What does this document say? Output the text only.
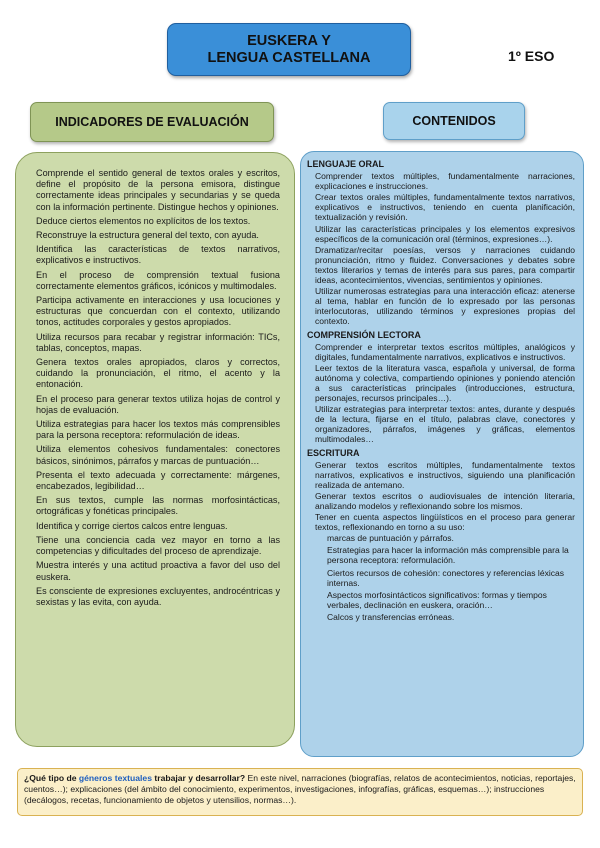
EUSKERA Y
LENGUA CASTELLANA	1º ESO
INDICADORES DE EVALUACIÓN	CONTENIDOS

Comprende el sentido general de textos orales y escritos, define el propósito de la persona emisora, distingue correctamente ideas principales y secundarias y se queda con la información pertinente. Distingue hechos y opiniones.

Deduce ciertos elementos no explícitos de los textos.

Reconstruye la estructura general del texto, con ayuda.

Identifica las características de textos narrativos, explicativos e instructivos.

En el proceso de comprensión textual fusiona correctamente elementos gráficos, icónicos y multimodales.

Participa activamente en interacciones y usa locuciones y estructuras que concuerdan con el contexto, utilizando tonos, actitudes corporales y gestos apropiados.

Utiliza recursos para recabar y registrar información: TICs, tablas, conceptos, mapas.

Genera textos orales apropiados, claros y correctos, cuidando la pronunciación, el ritmo, el acento y la entonación.

En el proceso para generar textos utiliza hojas de control y hojas de evaluación.

Utiliza estrategias para hacer los textos más comprensibles para la persona receptora: reformulación de ideas.

Utiliza elementos cohesivos fundamentales: conectores básicos, sinónimos, párrafos y marcas de puntuación…

Presenta el texto adecuada y correctamente: márgenes, encabezados, legibilidad…

En sus textos, cumple las normas morfosintácticas, ortográficas y fonéticas principales.

Identifica y corrige ciertos calcos entre lenguas.

Tiene una conciencia cada vez mayor en torno a las competencias y dificultades del proceso de aprendizaje.

Muestra interés y una actitud proactiva a favor del uso del euskera.

Es consciente de expresiones excluyentes, androcéntricas y sexistas y las evita, con ayuda.

LENGUAJE ORAL
Comprender textos múltiples, fundamentalmente narraciones, explicaciones e instrucciones.
Crear textos orales múltiples, fundamentalmente textos narrativos, explicativos e instructivos, teniendo en cuenta planificación, textualización y revisión.
Utilizar las características principales y los elementos expresivos específicos de la comunicación oral (términos, expresiones…).
Dramatizar/recitar poesías, versos y narraciones cuidando pronunciación, ritmo y fluidez. Conversaciones y debates sobre textos literarios y temas de interés para sus pares, para compartir ideas, acontecimientos, vivencias, sentimientos y opiniones.
Utilizar numerosas estrategias para una interacción eficaz: atenerse al tema, hablar en función de lo expresado por las personas interlocutoras, utilizando términos y expresiones propias del contexto.
COMPRENSIÓN LECTORA
Comprender e interpretar textos escritos múltiples, analógicos y digitales, fundamentalmente narrativos, explicativos e instructivos.
Leer textos de la literatura vasca, española y universal, de forma autónoma y colectiva, compartiendo opiniones y poniendo atención a sus características principales (introducciones, estructura, personajes, recursos principales…).
Utilizar estrategias para interpretar textos: antes, durante y después de la lectura, fijarse en el título, palabras clave, conectores y organizadores, párrafos, imágenes y gráficas, elementos multimodales…
ESCRITURA
Generar textos escritos múltiples, fundamentalmente textos narrativos, explicativos e instructivos, siguiendo una planificación realizada de antemano.
Generar textos escritos o audiovisuales de intención literaria, analizando modelos y reflexionando sobre los mismos.
Tener en cuenta aspectos lingüísticos en el proceso para generar textos, reflexionando en torno a su uso:
marcas de puntuación y párrafos.
Estrategias para hacer la información más comprensible para la persona receptora: reformulación.
Ciertos recursos de cohesión: conectores y referencias léxicas internas.
Aspectos morfosintácticos significativos: formas y tiempos verbales, declinación en euskera, oración…
Calcos y transferencias erróneas.
¿Qué tipo de géneros textuales trabajar y desarrollar? En este nivel, narraciones (biografías, relatos de acontecimientos, noticias, reportajes, cuentos…); explicaciones (del ámbito del conocimiento, experimentos, investigaciones, infografías, gráficas, esquemas…); instrucciones (decálogos, recetas, funcionamiento de objetos y utensilios, normas…).
